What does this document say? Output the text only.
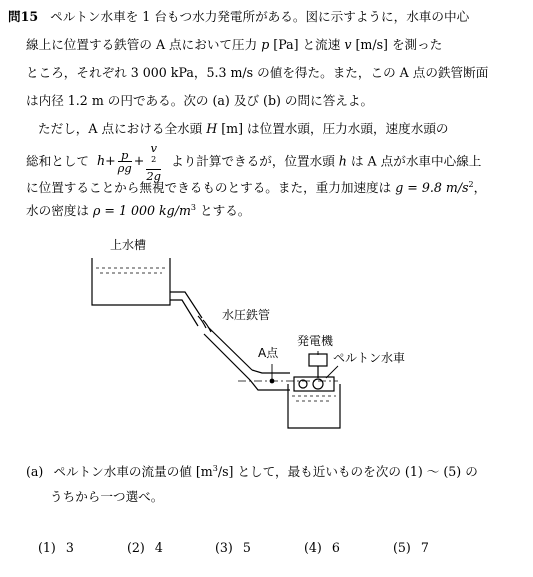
問15 ペルトン水車を 1 台もつ水力発電所がある。図に示すように，水車の中心
線上に位置する鉄管の A 点において圧力 p [Pa] と流速 v [m/s] を測った
ところ，それぞれ 3 000 kPa，5.3 m/s の値を得た。また，この A 点の鉄管断面
は内径 1.2 m の円である。次の (a) 及び (b) の問に答えよ。
ただし，A 点における全水頭 H [m] は位置水頭，圧力水頭，速度水頭の
総和として $h+ \frac{p}{\rho g} + v$
$^2$
2g より計算できるが，位置水頭 h は A 点が水車中心線上
に位置することから無視できるものとする。また，重力加速度は g = 9.8 $m/s^2$，
水の密度は ρ = 1 000 $kg/m^3$ とする。
上水槽
水圧鉄管
発電機
A点	ペルトン水車
(a) ペルトン水車の流量の値 $[m^3/s]$ として，最も近いものを次の (1) ～ (5) の
うちから一つ選べ。
(1) 3	(2) 4	(3) 5	(4) 6	(5) 7
